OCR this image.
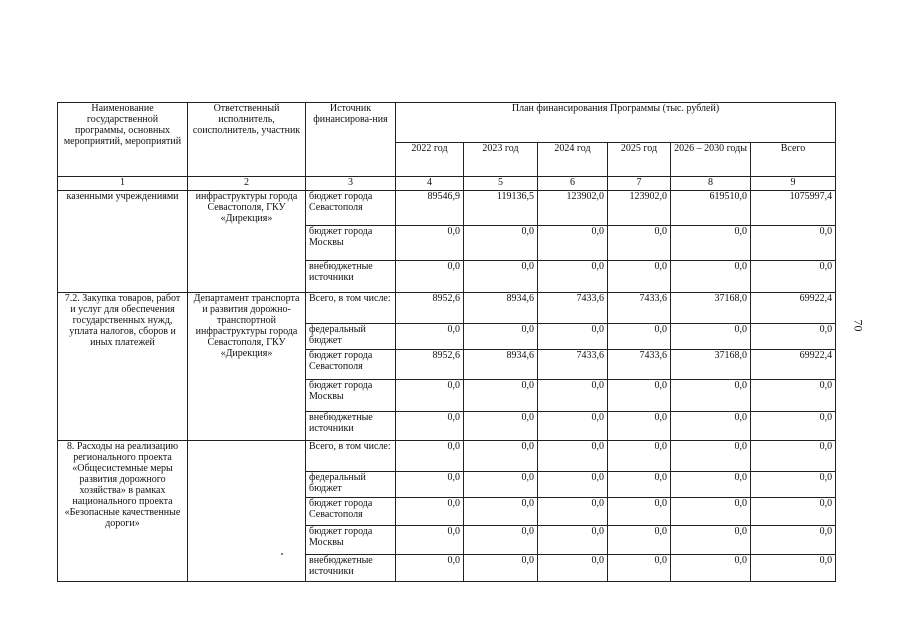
Наименование государственной программы, основных мероприятий, мероприятий	Ответственный исполнитель, соисполнитель, участник	Источник финансирова-ния	План финансирования Программы (тыс. рублей)					
			2022 год	2023 год	2024 год	2025 год	2026 – 2030 годы	Всего
1	2	3	4	5	6	7	8	9
казенными учреждениями	инфраструктуры города Севастополя, ГКУ «Дирекция»	бюджет города Севастополя	89546,9	119136,5	123902,0	123902,0	619510,0	1075997,4
		бюджет города Москвы	0,0	0,0	0,0	0,0	0,0	0,0
		внебюджетные источники	0,0	0,0	0,0	0,0	0,0	0,0
7.2. Закупка товаров, работ и услуг для обеспечения государственных нужд, уплата налогов, сборов и иных платежей	Департамент транспорта и развития дорожно-транспортной инфраструктуры города Севастополя, ГКУ «Дирекция»	Всего, в том числе:	8952,6	8934,6	7433,6	7433,6	37168,0	69922,4
		федеральный бюджет	0,0	0,0	0,0	0,0	0,0	0,0
		бюджет города Севастополя	8952,6	8934,6	7433,6	7433,6	37168,0	69922,4
		бюджет города Москвы	0,0	0,0	0,0	0,0	0,0	0,0
		внебюджетные источники	0,0	0,0	0,0	0,0	0,0	0,0
8. Расходы на реализацию регионального проекта «Общесистемные меры развития дорожного хозяйства» в рамках национального проекта «Безопасные качественные дороги»		Всего, в том числе:	0,0	0,0	0,0	0,0	0,0	0,0
		федеральный бюджет	0,0	0,0	0,0	0,0	0,0	0,0
		бюджет города Севастополя	0,0	0,0	0,0	0,0	0,0	0,0
		бюджет города Москвы	0,0	0,0	0,0	0,0	0,0	0,0
		внебюджетные источники	0,0	0,0	0,0	0,0	0,0	0,0
70
